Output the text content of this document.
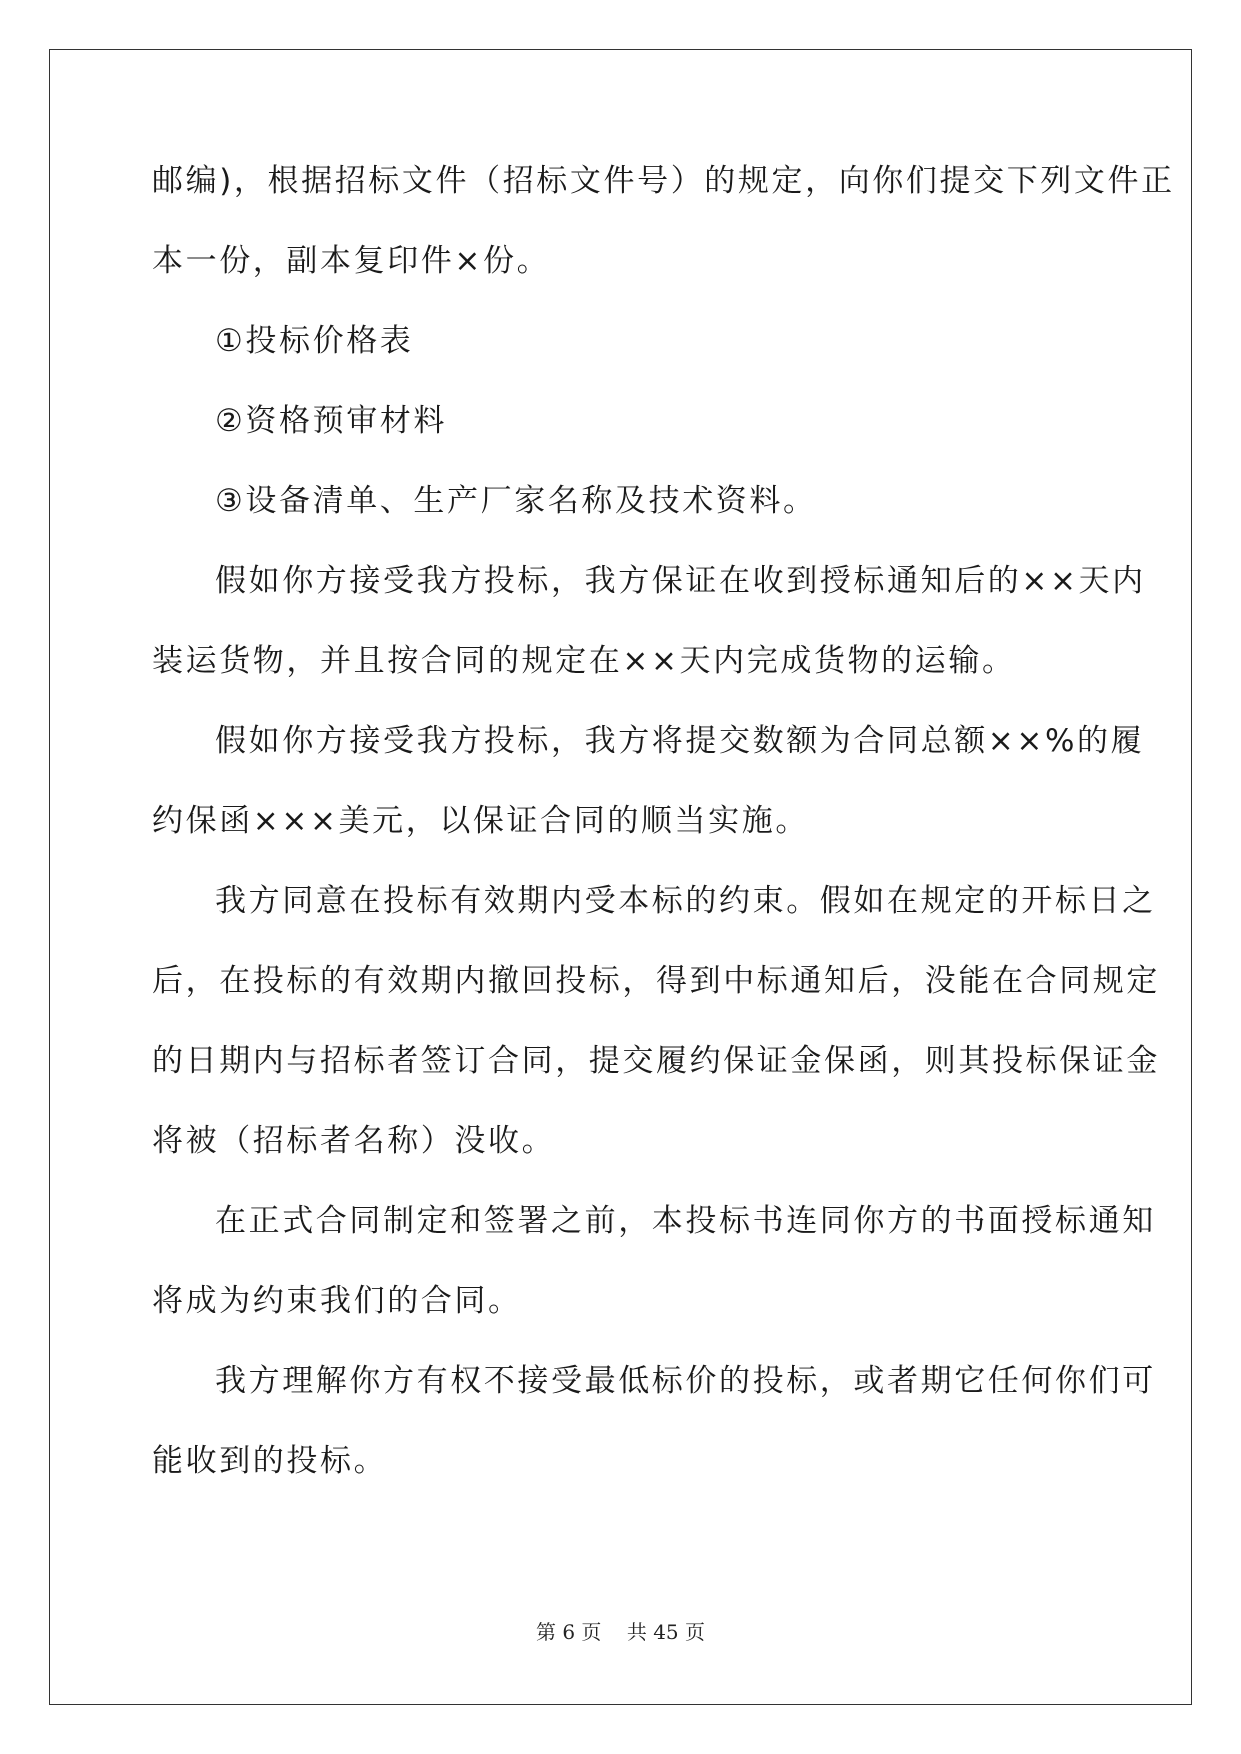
邮编)，根据招标文件（招标文件号）的规定，向你们提交下列文件正
本一份，副本复印件×份。
①投标价格表
②资格预审材料
③设备清单、生产厂家名称及技术资料。
假如你方接受我方投标，我方保证在收到授标通知后的××天内
装运货物，并且按合同的规定在××天内完成货物的运输。
假如你方接受我方投标，我方将提交数额为合同总额××%的履
约保函×××美元，以保证合同的顺当实施。
我方同意在投标有效期内受本标的约束。假如在规定的开标日之
后，在投标的有效期内撤回投标，得到中标通知后，没能在合同规定
的日期内与招标者签订合同，提交履约保证金保函，则其投标保证金
将被（招标者名称）没收。
在正式合同制定和签署之前，本投标书连同你方的书面授标通知
将成为约束我们的合同。
我方理解你方有权不接受最低标价的投标，或者期它任何你们可
能收到的投标。
第 6 页    共 45 页
